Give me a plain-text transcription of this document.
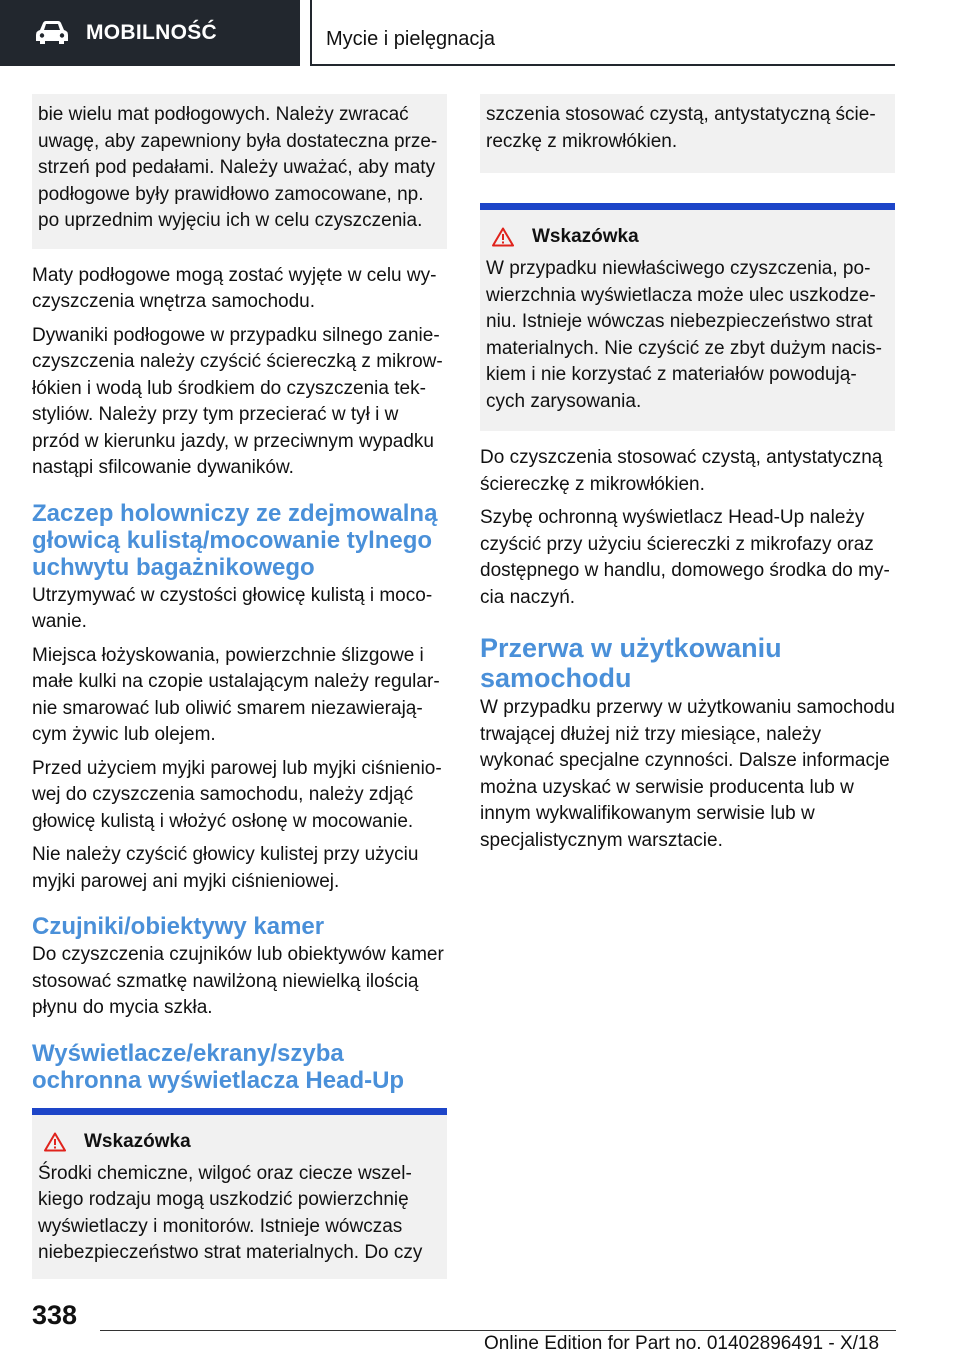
MOBILNOŚĆ	Mycie i pielęgnacja

bie wielu mat podłogowych. Należy zwracać uwagę, aby zapewniony była dostateczna przestrzeń pod pedałami. Należy uważać, aby maty podłogowe były prawidłowo zamocowane, np. po uprzednim wyjęciu ich w celu czyszczenia.

Maty podłogowe mogą zostać wyjęte w celu wyczyszczenia wnętrza samochodu.

Dywaniki podłogowe w przypadku silnego zanieczyszczenia należy czyścić ściereczką z mikrowłókien i wodą lub środkiem do czyszczenia tekstyliów. Należy przy tym przecierać w tył i w przód w kierunku jazdy, w przeciwnym wypadku nastąpi sfilcowanie dywaników.

Zaczep holowniczy ze zdejmowalną głowicą kulistą/mocowanie tylnego uchwytu bagażnikowego

Utrzymywać w czystości głowicę kulistą i mocowanie.

Miejsca łożyskowania, powierzchnie ślizgowe i małe kulki na czopie ustalającym należy regularnie smarować lub oliwić smarem niezawierającym żywic lub olejem.

Przed użyciem myjki parowej lub myjki ciśnieniowej do czyszczenia samochodu, należy zdjąć głowicę kulistą i włożyć osłonę w mocowanie.

Nie należy czyścić głowicy kulistej przy użyciu myjki parowej ani myjki ciśnieniowej.

Czujniki/obiektywy kamer

Do czyszczenia czujników lub obiektywów kamer stosować szmatkę nawilżoną niewielką ilością płynu do mycia szkła.

Wyświetlacze/ekrany/szyba ochronna wyświetlacza Head-Up
Wskazówka

Środki chemiczne, wilgoć oraz ciecze wszelkiego rodzaju mogą uszkodzić powierzchnię wyświetlaczy i monitorów. Istnieje wówczas niebezpieczeństwo strat materialnych. Do czy

szczenia stosować czystą, antystatyczną ściereczkę z mikrowłókien.

Wskazówka

W przypadku niewłaściwego czyszczenia, powierzchnia wyświetlacza może ulec uszkodzeniu. Istnieje wówczas niebezpieczeństwo strat materialnych. Nie czyścić ze zbyt dużym naciskiem i nie korzystać z materiałów powodujących zarysowania.

Do czyszczenia stosować czystą, antystatyczną ściereczkę z mikrowłókien.

Szybę ochronną wyświetlacz Head-Up należy czyścić przy użyciu ściereczki z mikrofazy oraz dostępnego w handlu, domowego środka do mycia naczyń.

Przerwa w użytkowaniu samochodu

W przypadku przerwy w użytkowaniu samochodu trwającej dłużej niż trzy miesiące, należy wykonać specjalne czynności. Dalsze informacje można uzyskać w serwisie producenta lub w innym wykwalifikowanym serwisie lub w specjalistycznym warsztacie.

338
Online Edition for Part no. 01402896491 - X/18
